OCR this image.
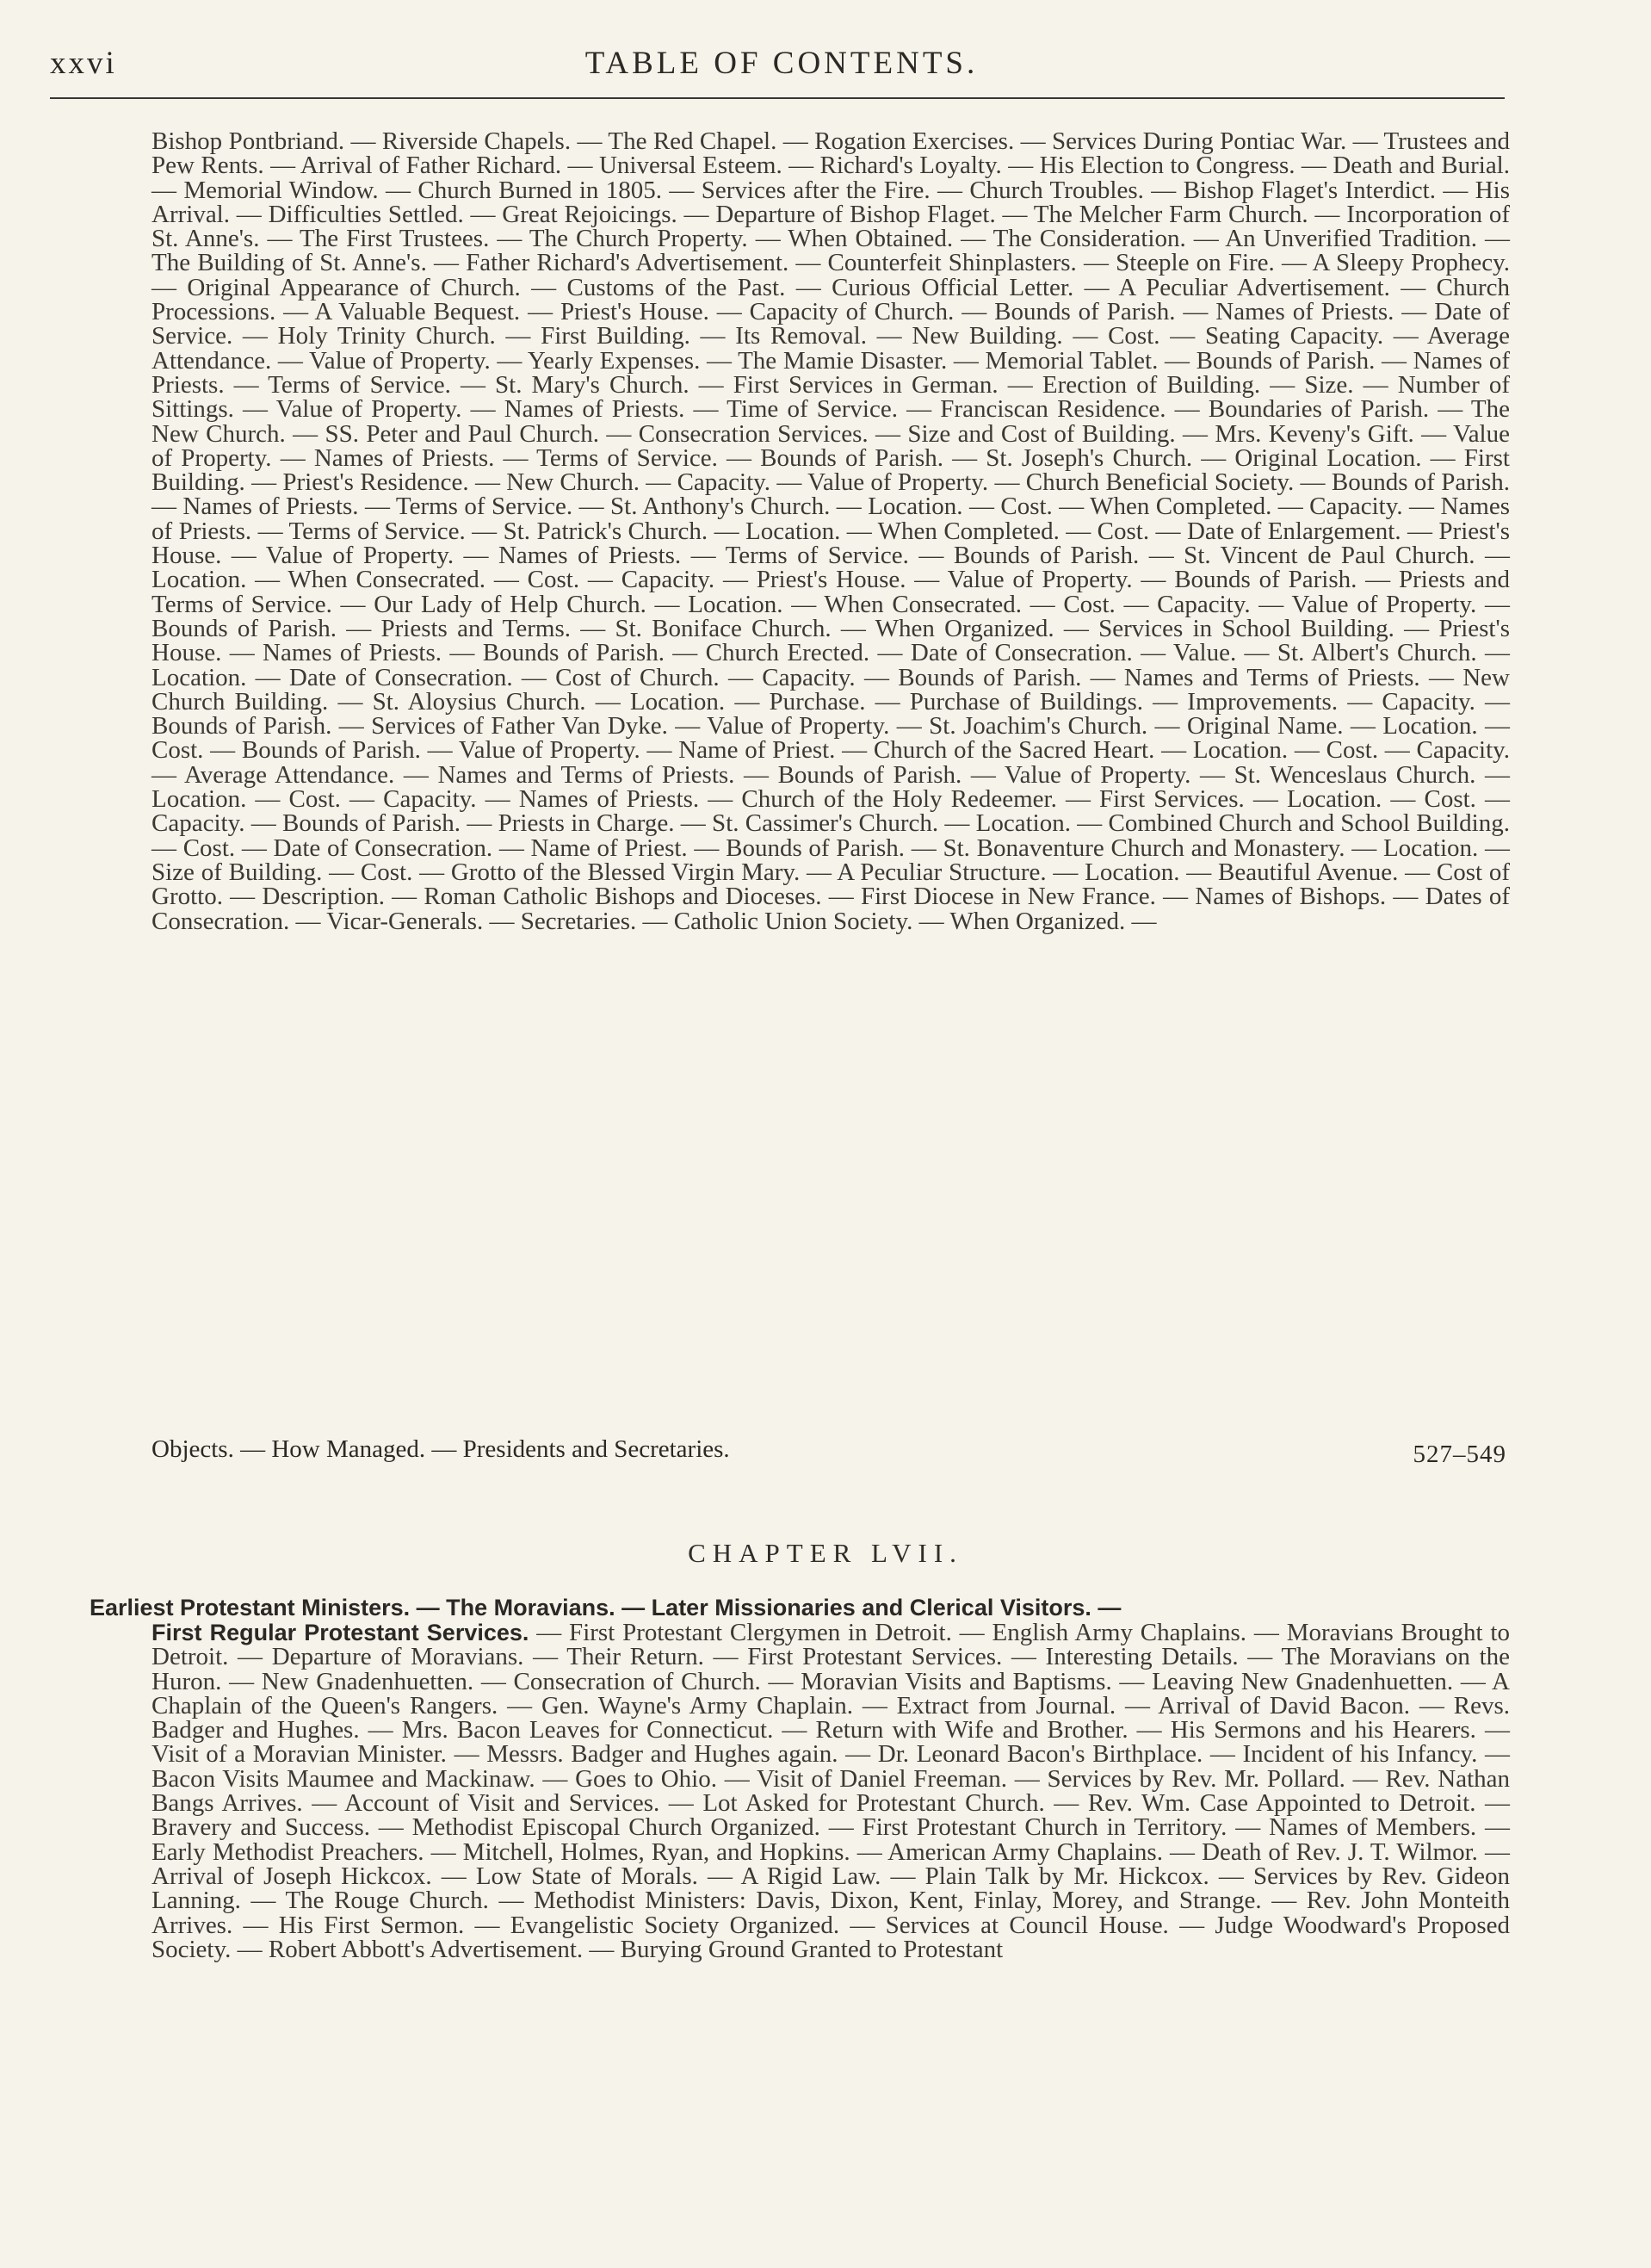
xxvi	TABLE OF CONTENTS.

Bishop Pontbriand. — Riverside Chapels. — The Red Chapel. — Rogation Exercises. — Services During Pontiac War. — Trustees and Pew Rents. — Arrival of Father Richard. — Universal Esteem. — Richard's Loyalty. — His Election to Congress. — Death and Burial. — Memorial Window. — Church Burned in 1805. — Services after the Fire. — Church Troubles. — Bishop Flaget's Interdict. — His Arrival. — Difficulties Settled. — Great Rejoicings. — Departure of Bishop Flaget. — The Melcher Farm Church. — Incorporation of St. Anne's. — The First Trustees. — The Church Property. — When Obtained. — The Consideration. — An Unverified Tradition. — The Building of St. Anne's. — Father Richard's Advertisement. — Counterfeit Shinplasters. — Steeple on Fire. — A Sleepy Prophecy. — Original Appearance of Church. — Customs of the Past. — Curious Official Letter. — A Peculiar Advertisement. — Church Processions. — A Valuable Bequest. — Priest's House. — Capacity of Church. — Bounds of Parish. — Names of Priests. — Date of Service. — Holy Trinity Church. — First Building. — Its Removal. — New Building. — Cost. — Seating Capacity. — Average Attendance. — Value of Property. — Yearly Expenses. — The Mamie Disaster. — Memorial Tablet. — Bounds of Parish. — Names of Priests. — Terms of Service. — St. Mary's Church. — First Services in German. — Erection of Building. — Size. — Number of Sittings. — Value of Property. — Names of Priests. — Time of Service. — Franciscan Residence. — Boundaries of Parish. — The New Church. — SS. Peter and Paul Church. — Consecration Services. — Size and Cost of Building. — Mrs. Keveny's Gift. — Value of Property. — Names of Priests. — Terms of Service. — Bounds of Parish. — St. Joseph's Church. — Original Location. — First Building. — Priest's Residence. — New Church. — Capacity. — Value of Property. — Church Beneficial Society. — Bounds of Parish. — Names of Priests. — Terms of Service. — St. Anthony's Church. — Location. — Cost. — When Completed. — Capacity. — Names of Priests. — Terms of Service. — St. Patrick's Church. — Location. — When Completed. — Cost. — Date of Enlargement. — Priest's House. — Value of Property. — Names of Priests. — Terms of Service. — Bounds of Parish. — St. Vincent de Paul Church. — Location. — When Consecrated. — Cost. — Capacity. — Priest's House. — Value of Property. — Bounds of Parish. — Priests and Terms of Service. — Our Lady of Help Church. — Location. — When Consecrated. — Cost. — Capacity. — Value of Property. — Bounds of Parish. — Priests and Terms. — St. Boniface Church. — When Organized. — Services in School Building. — Priest's House. — Names of Priests. — Bounds of Parish. — Church Erected. — Date of Consecration. — Value. — St. Albert's Church. — Location. — Date of Consecration. — Cost of Church. — Capacity. — Bounds of Parish. — Names and Terms of Priests. — New Church Building. — St. Aloysius Church. — Location. — Purchase. — Purchase of Buildings. — Improvements. — Capacity. — Bounds of Parish. — Services of Father Van Dyke. — Value of Property. — St. Joachim's Church. — Original Name. — Location. — Cost. — Bounds of Parish. — Value of Property. — Name of Priest. — Church of the Sacred Heart. — Location. — Cost. — Capacity. — Average Attendance. — Names and Terms of Priests. — Bounds of Parish. — Value of Property. — St. Wenceslaus Church. — Location. — Cost. — Capacity. — Names of Priests. — Church of the Holy Redeemer. — First Services. — Location. — Cost. — Capacity. — Bounds of Parish. — Priests in Charge. — St. Cassimer's Church. — Location. — Combined Church and School Building. — Cost. — Date of Consecration. — Name of Priest. — Bounds of Parish. — St. Bonaventure Church and Monastery. — Location. — Size of Building. — Cost. — Grotto of the Blessed Virgin Mary. — A Peculiar Structure. — Location. — Beautiful Avenue. — Cost of Grotto. — Description. — Roman Catholic Bishops and Dioceses. — First Diocese in New France. — Names of Bishops. — Dates of Consecration. — Vicar-Generals. — Secretaries. — Catholic Union Society. — When Organized. —

Objects. — How Managed. — Presidents and Secretaries.	527–549
CHAPTER LVII.

Earliest Protestant Ministers. — The Moravians. — Later Missionaries and Clerical Visitors. —

First Regular Protestant Services. — First Protestant Clergymen in Detroit. — English Army Chaplains. — Moravians Brought to Detroit. — Departure of Moravians. — Their Return. — First Protestant Services. — Interesting Details. — The Moravians on the Huron. — New Gnadenhuetten. — Consecration of Church. — Moravian Visits and Baptisms. — Leaving New Gnadenhuetten. — A Chaplain of the Queen's Rangers. — Gen. Wayne's Army Chaplain. — Extract from Journal. — Arrival of David Bacon. — Revs. Badger and Hughes. — Mrs. Bacon Leaves for Connecticut. — Return with Wife and Brother. — His Sermons and his Hearers. — Visit of a Moravian Minister. — Messrs. Badger and Hughes again. — Dr. Leonard Bacon's Birthplace. — Incident of his Infancy. — Bacon Visits Maumee and Mackinaw. — Goes to Ohio. — Visit of Daniel Freeman. — Services by Rev. Mr. Pollard. — Rev. Nathan Bangs Arrives. — Account of Visit and Services. — Lot Asked for Protestant Church. — Rev. Wm. Case Appointed to Detroit. — Bravery and Success. — Methodist Episcopal Church Organized. — First Protestant Church in Territory. — Names of Members. — Early Methodist Preachers. — Mitchell, Holmes, Ryan, and Hopkins. — American Army Chaplains. — Death of Rev. J. T. Wilmor. — Arrival of Joseph Hickcox. — Low State of Morals. — A Rigid Law. — Plain Talk by Mr. Hickcox. — Services by Rev. Gideon Lanning. — The Rouge Church. — Methodist Ministers: Davis, Dixon, Kent, Finlay, Morey, and Strange. — Rev. John Monteith Arrives. — His First Sermon. — Evangelistic Society Organized. — Services at Council House. — Judge Woodward's Proposed Society. — Robert Abbott's Advertisement. — Burying Ground Granted to Protestant
